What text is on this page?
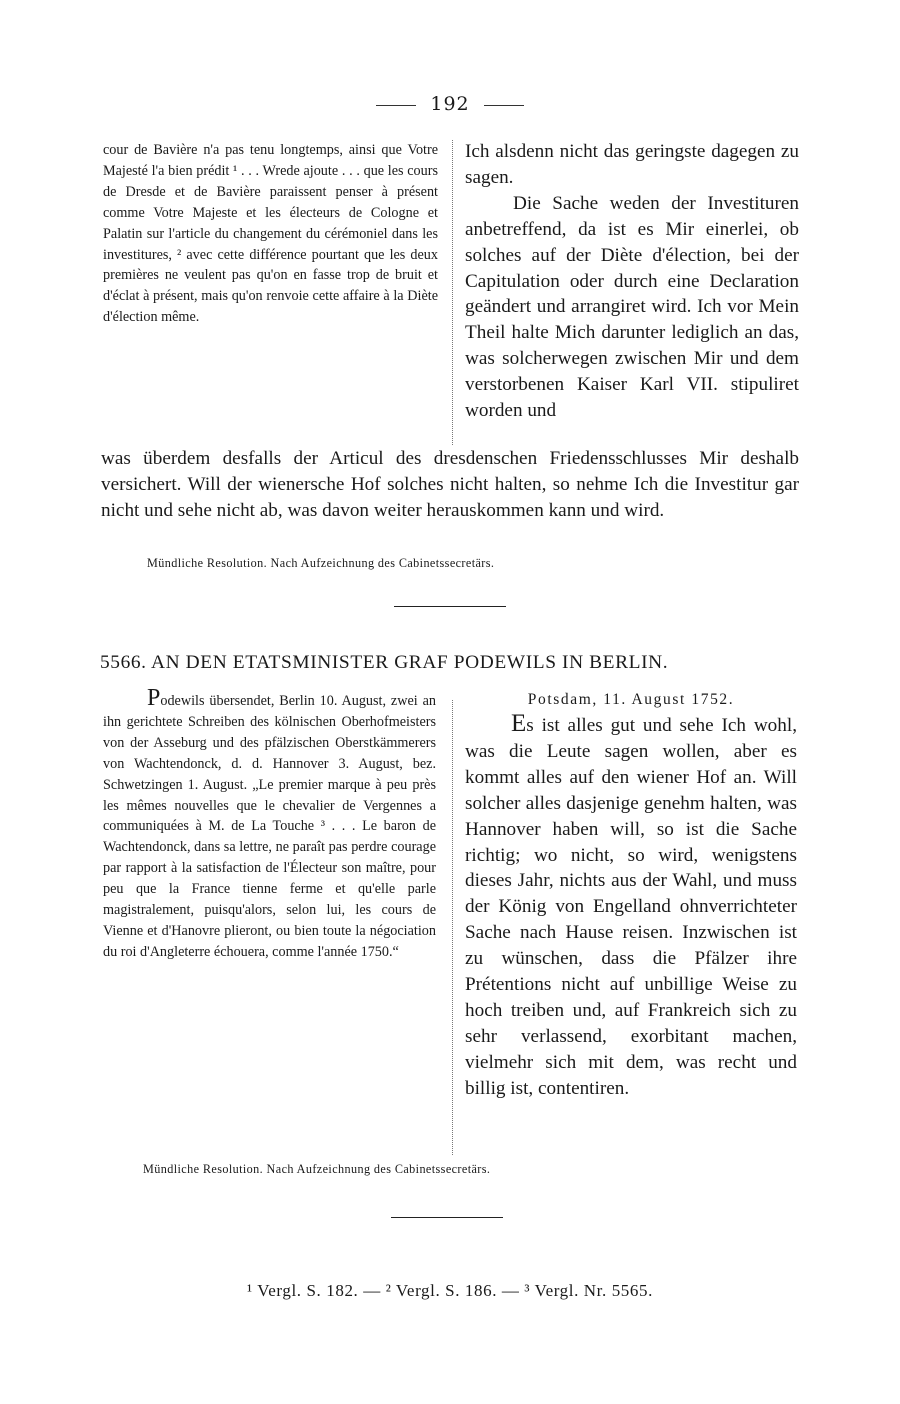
192

cour de Bavière n'a pas tenu longtemps, ainsi que Votre Majesté l'a bien prédit ¹ . . . Wrede ajoute . . . que les cours de Dresde et de Bavière paraissent penser à présent comme Votre Majeste et les électeurs de Cologne et Palatin sur l'article du changement du cérémoniel dans les investitures, ² avec cette différence pourtant que les deux premières ne veulent pas qu'on en fasse trop de bruit et d'éclat à présent, mais qu'on renvoie cette affaire à la Diète d'élection même.

Ich alsdenn nicht das geringste dagegen zu sagen.

Die Sache weden der Investituren anbetreffend, da ist es Mir einerlei, ob solches auf der Diète d'élection, bei der Capitulation oder durch eine Declaration geändert und arrangiret wird. Ich vor Mein Theil halte Mich darunter lediglich an das, was solcherwegen zwischen Mir und dem verstorbenen Kaiser Karl VII. stipuliret worden und

was überdem desfalls der Articul des dresdenschen Friedensschlusses Mir deshalb versichert. Will der wienersche Hof solches nicht halten, so nehme Ich die Investitur gar nicht und sehe nicht ab, was davon weiter herauskommen kann und wird.

Mündliche Resolution. Nach Aufzeichnung des Cabinetssecretärs.
5566. AN DEN ETATSMINISTER GRAF PODEWILS IN BERLIN.

Podewils übersendet, Berlin 10. August, zwei an ihn gerichtete Schreiben des kölnischen Oberhofmeisters von der Asseburg und des pfälzischen Oberstkämmerers von Wachtendonck, d. d. Hannover 3. August, bez. Schwetzingen 1. August. „Le premier marque à peu près les mêmes nouvelles que le chevalier de Vergennes a communiquées à M. de La Touche ³ . . . Le baron de Wachtendonck, dans sa lettre, ne paraît pas perdre courage par rapport à la satisfaction de l'Électeur son maître, pour peu que la France tienne ferme et qu'elle parle magistralement, puisqu'alors, selon lui, les cours de Vienne et d'Hanovre plieront, ou bien toute la négociation du roi d'Angleterre échouera, comme l'année 1750.“

Potsdam, 11. August 1752.

Es ist alles gut und sehe Ich wohl, was die Leute sagen wollen, aber es kommt alles auf den wiener Hof an. Will solcher alles dasjenige genehm halten, was Hannover haben will, so ist die Sache richtig; wo nicht, so wird, wenigstens dieses Jahr, nichts aus der Wahl, und muss der König von Engelland ohnverrichteter Sache nach Hause reisen. Inzwischen ist zu wünschen, dass die Pfälzer ihre Prétentions nicht auf unbillige Weise zu hoch treiben und, auf Frankreich sich zu sehr verlassend, exorbitant machen, vielmehr sich mit dem, was recht und billig ist, contentiren.

Mündliche Resolution. Nach Aufzeichnung des Cabinetssecretärs.
¹ Vergl. S. 182. — ² Vergl. S. 186. — ³ Vergl. Nr. 5565.
